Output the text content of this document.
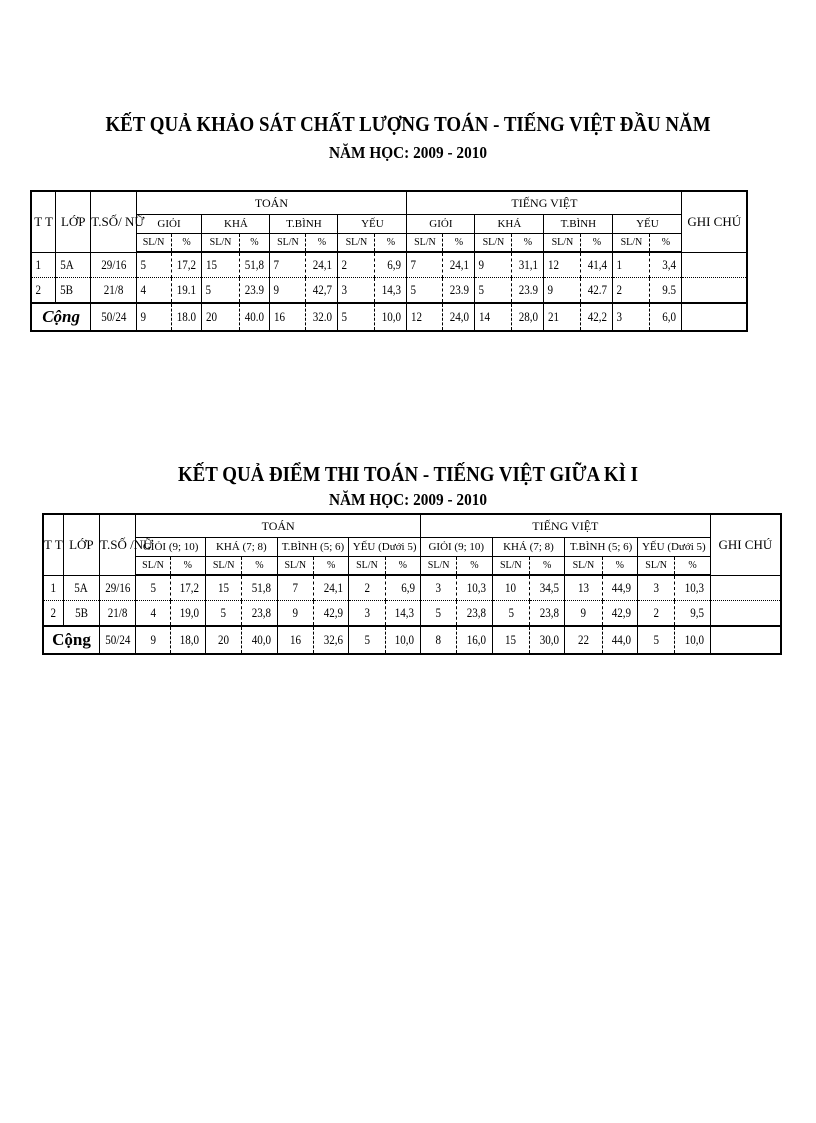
KẾT QUẢ KHẢO SÁT CHẤT LƯỢNG TOÁN - TIẾNG VIỆT ĐẦU NĂM
NĂM HỌC: 2009 - 2010
T T	LỚP	T.SỐ/ NỮ	TOÁN								TIẾNG VIỆT								GHI CHÚ
			GIỎI		KHÁ		T.BÌNH		YẾU		GIỎI		KHÁ		T.BÌNH		YẾU		
			SL/N	%	SL/N	%	SL/N	%	SL/N	%	SL/N	%	SL/N	%	SL/N	%	SL/N	%	
1	5A	29/16	5	17,2	15	51,8	7	24,1	2	6,9	7	24,1	9	31,1	12	41,4	1	3,4	
2	5B	21/8	4	19.1	5	23.9	9	42,7	3	14,3	5	23.9	5	23.9	9	42.7	2	9.5	
Cộng		50/24	9	18.0	20	40.0	16	32.0	5	10,0	12	24,0	14	28,0	21	42,2	3	6,0	
KẾT QUẢ ĐIỂM THI TOÁN - TIẾNG VIỆT GIỮA KÌ I
NĂM HỌC: 2009 - 2010
T T	LỚP	T.SỐ /NỮ	TOÁN								TIẾNG VIỆT								GHI CHÚ
			GIỎI (9; 10)		KHÁ (7; 8)		T.BÌNH (5; 6)		YẾU (Dưới 5)		GIỎI (9; 10)		KHÁ (7; 8)		T.BÌNH (5; 6)		YẾU (Dưới 5)		
			SL/N	%	SL/N	%	SL/N	%	SL/N	%	SL/N	%	SL/N	%	SL/N	%	SL/N	%	
1	5A	29/16	5	17,2	15	51,8	7	24,1	2	6,9	3	10,3	10	34,5	13	44,9	3	10,3	
2	5B	21/8	4	19,0	5	23,8	9	42,9	3	14,3	5	23,8	5	23,8	9	42,9	2	9,5	
Cộng		50/24	9	18,0	20	40,0	16	32,6	5	10,0	8	16,0	15	30,0	22	44,0	5	10,0	
